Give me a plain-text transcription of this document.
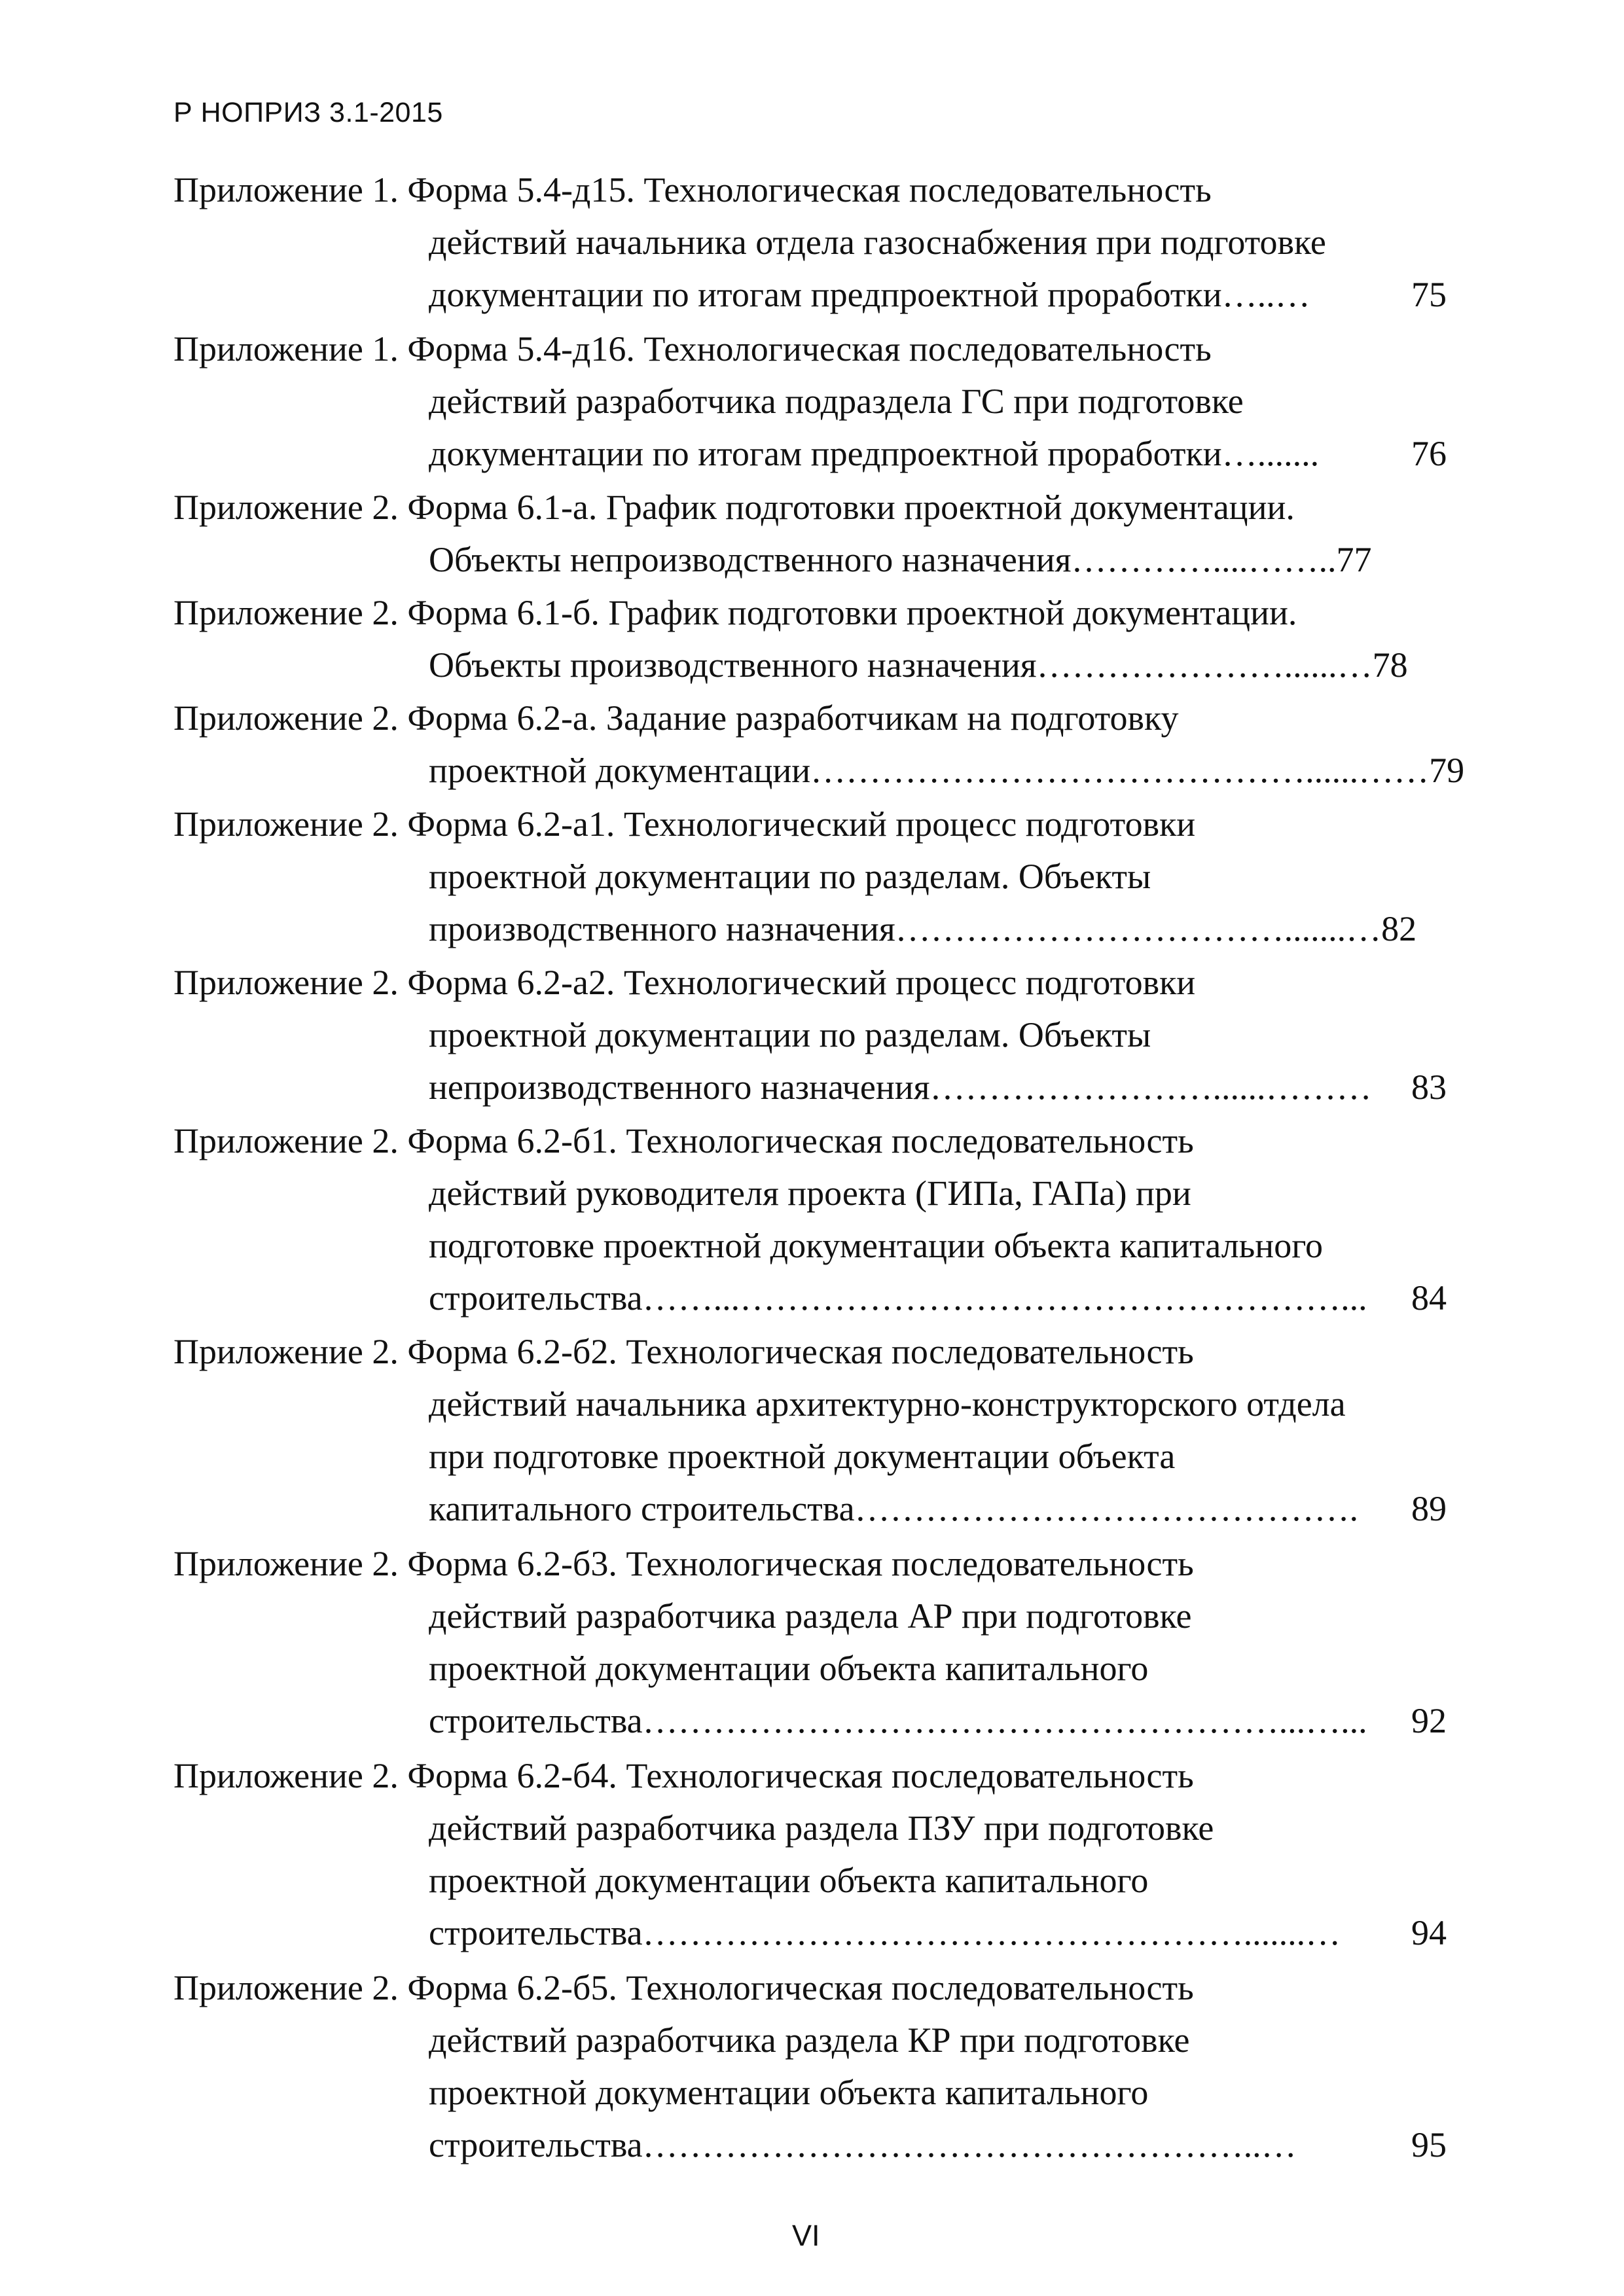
Р НОПРИЗ 3.1-2015
Приложение 1. Форма 5.4-д15. Технологическая последовательность
действий начальника отдела газоснабжения при подготовке
документации по итогам предпроектной проработки…..…	75
Приложение 1. Форма 5.4-д16. Технологическая последовательность
действий разработчика подраздела ГС при подготовке
документации по итогам предпроектной проработки….......	76
Приложение 2. Форма 6.1-а. График подготовки проектной документации.
Объекты непроизводственного назначения…………....……..77
Приложение 2. Форма 6.1-б. График подготовки проектной документации.
Объекты производственного назначения…………………......…78
Приложение 2. Форма 6.2-а. Задание разработчикам на подготовку
проектной документации……………………………………......……79
Приложение 2. Форма 6.2-а1. Технологический процесс подготовки
проектной документации по разделам. Объекты
производственного назначения…………………………….......…82
Приложение 2. Форма 6.2-а2. Технологический процесс подготовки
проектной документации по разделам. Объекты
непроизводственного назначения……………………......……… 83
Приложение 2. Форма 6.2-б1. Технологическая последовательность
действий руководителя проекта (ГИПа, ГАПа) при
подготовке проектной документации объекта капитального
строительства……...……………………………………………... 84
Приложение 2. Форма 6.2-б2. Технологическая последовательность
действий начальника архитектурно-конструкторского отдела
при подготовке проектной документации объекта
капитального строительства……………………………………. 89
Приложение 2. Форма 6.2-б3. Технологическая последовательность
действий разработчика раздела АР при подготовке
проектной документации объекта капитального
строительства………………………………………………...…... 92
Приложение 2. Форма 6.2-б4. Технологическая последовательность
действий разработчика раздела ПЗУ при подготовке
проектной документации объекта капитального
строительства…………………………………………….......… 94
Приложение 2. Форма 6.2-б5. Технологическая последовательность
действий разработчика раздела КР при подготовке
проектной документации объекта капитального
строительства……………………………………………..…	95
VI
